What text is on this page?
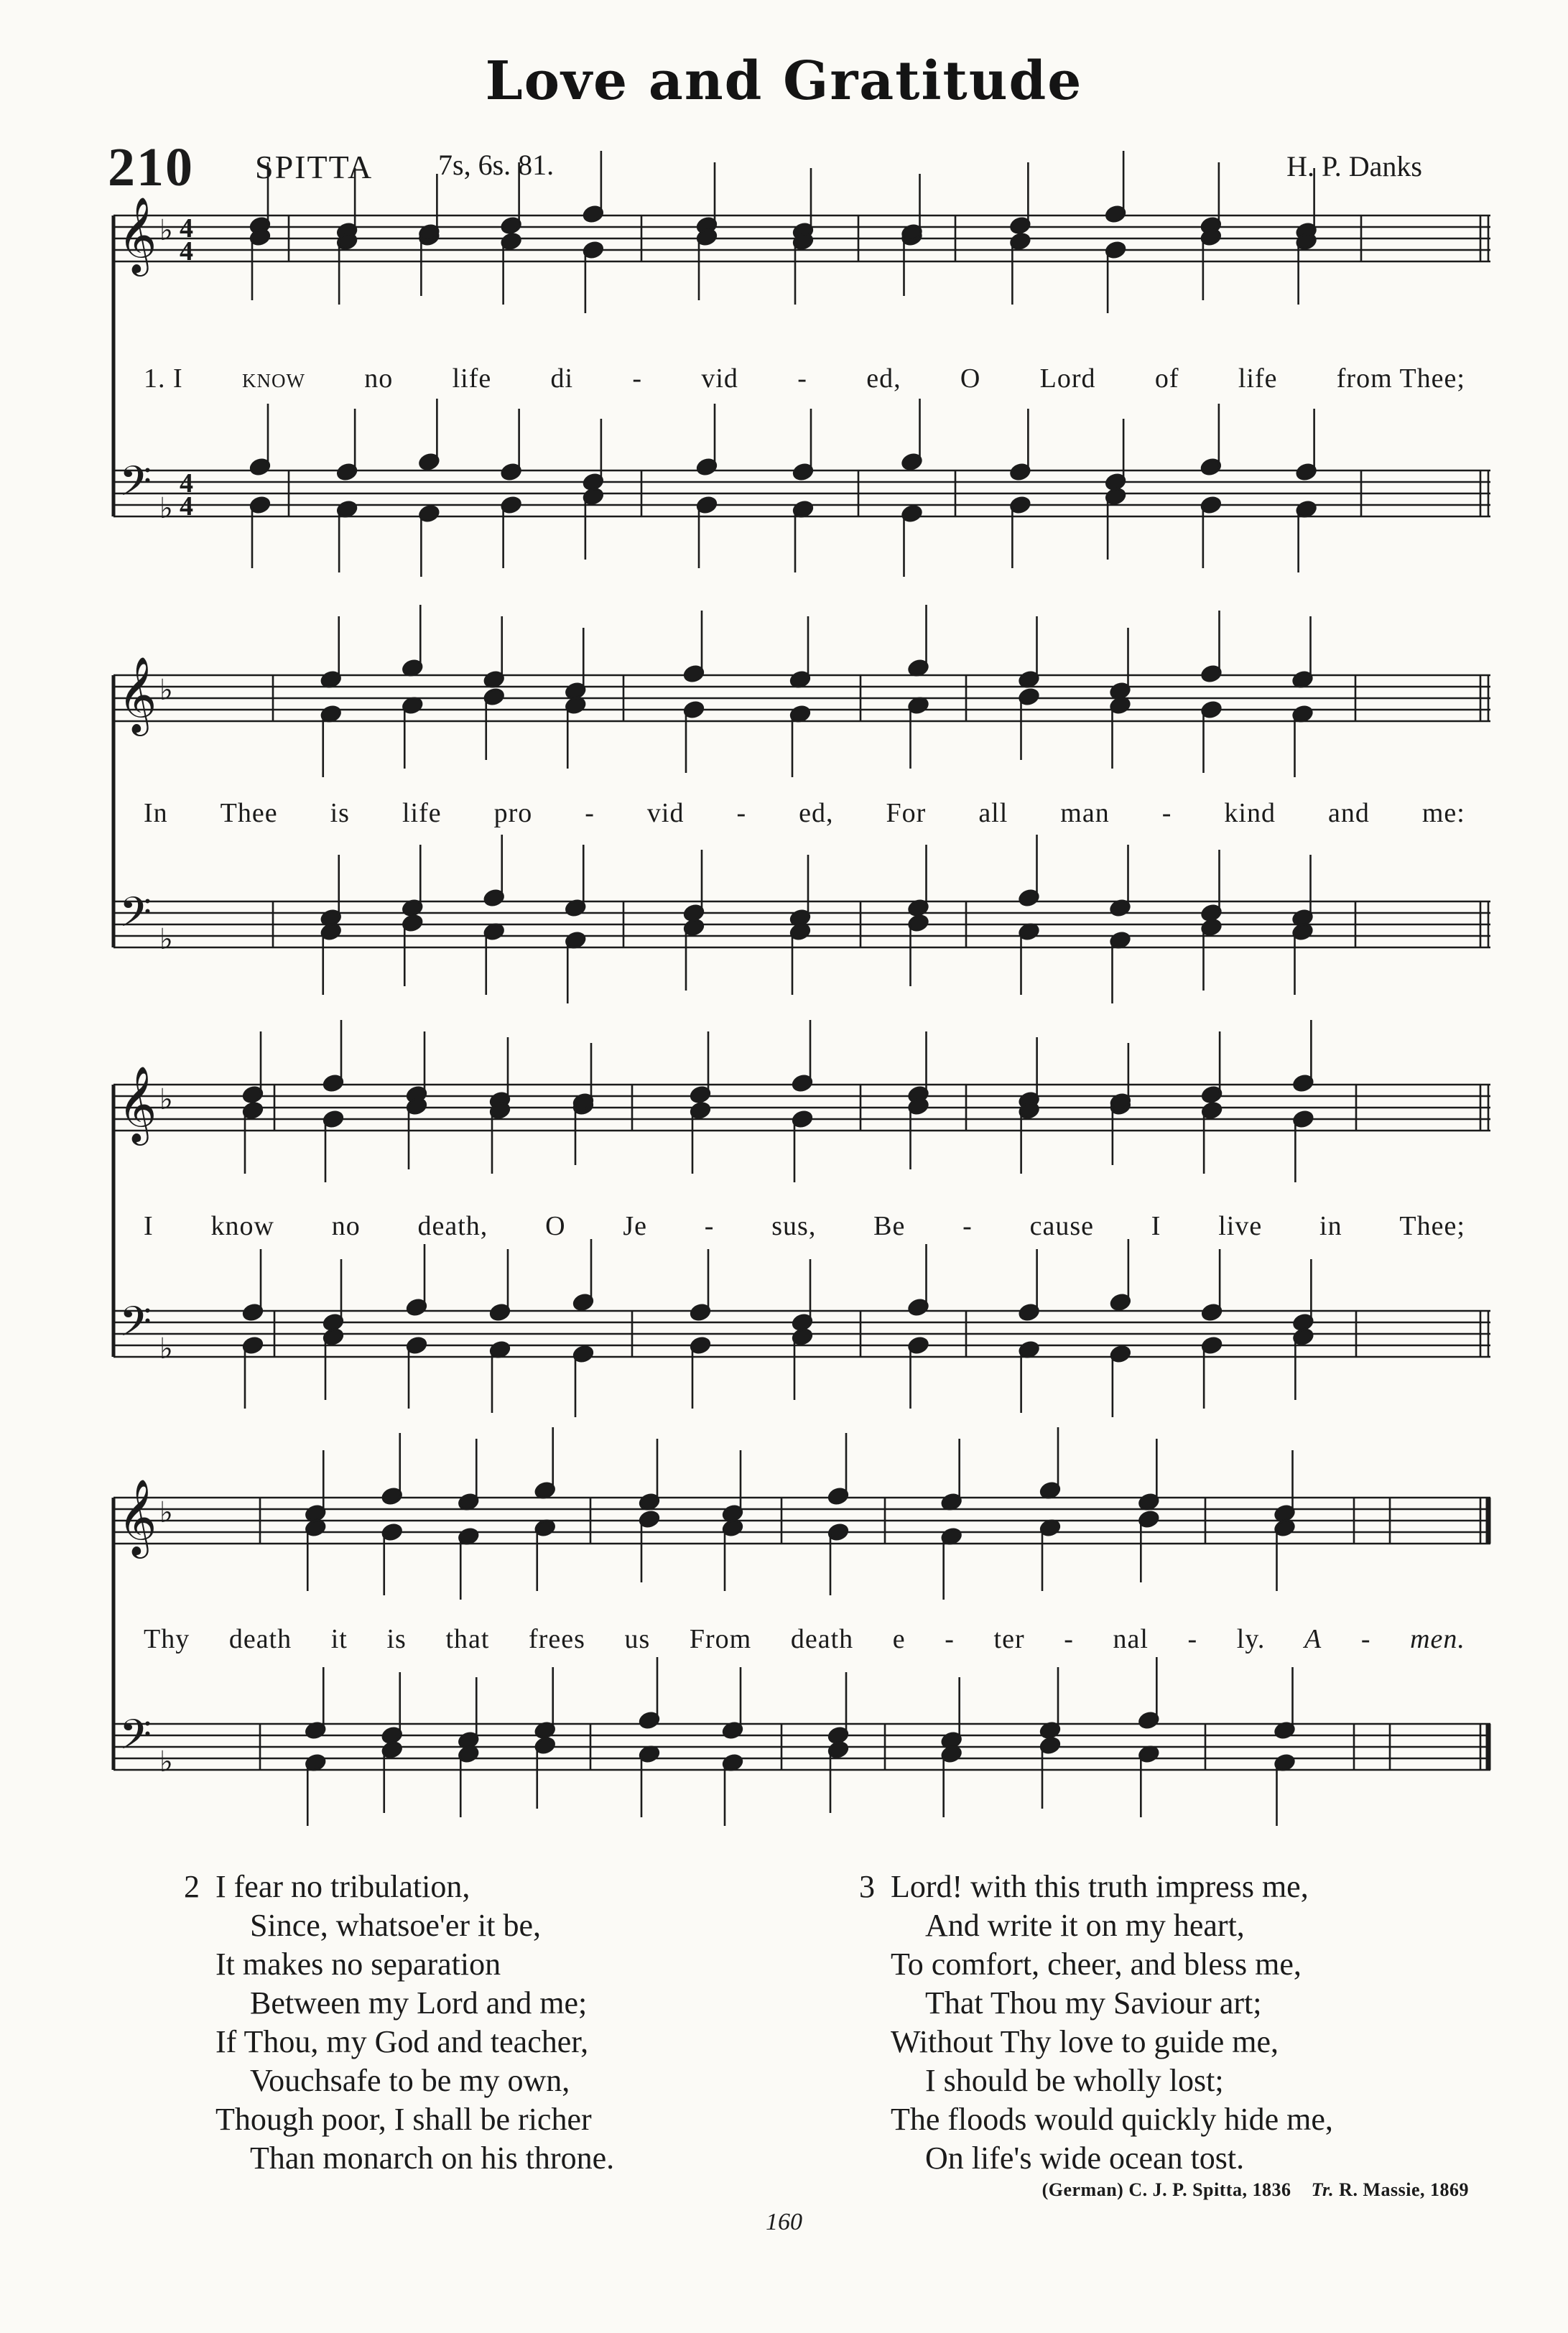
Love and Gratitude
210 SPITTA 7s, 6s. 81.	H. P. Danks
𝄞
𝄢
♭
♭
4
4
4
4
𝄞
𝄢
♭
♭
𝄞
𝄢
♭
♭
𝄞
𝄢
♭
♭
1. I know no life di - vid - ed, O Lord of life from Thee;
In Thee is life pro - vid - ed, For all man - kind and me:
I know no death, O Je - sus, Be - cause I live in Thee;
Thy death it is that frees us From death e - ter - nal - ly. A - men.
2 I fear no tribulation,
Since, whatsoe'er it be,
It makes no separation
Between my Lord and me;
If Thou, my God and teacher,
Vouchsafe to be my own,
Though poor, I shall be richer
Than monarch on his throne.
3 Lord! with this truth impress me,
And write it on my heart,
To comfort, cheer, and bless me,
That Thou my Saviour art;
Without Thy love to guide me,
I should be wholly lost;
The floods would quickly hide me,
On life's wide ocean tost.
(German) C. J. P. Spitta, 1836 Tr. R. Massie, 1869
160
